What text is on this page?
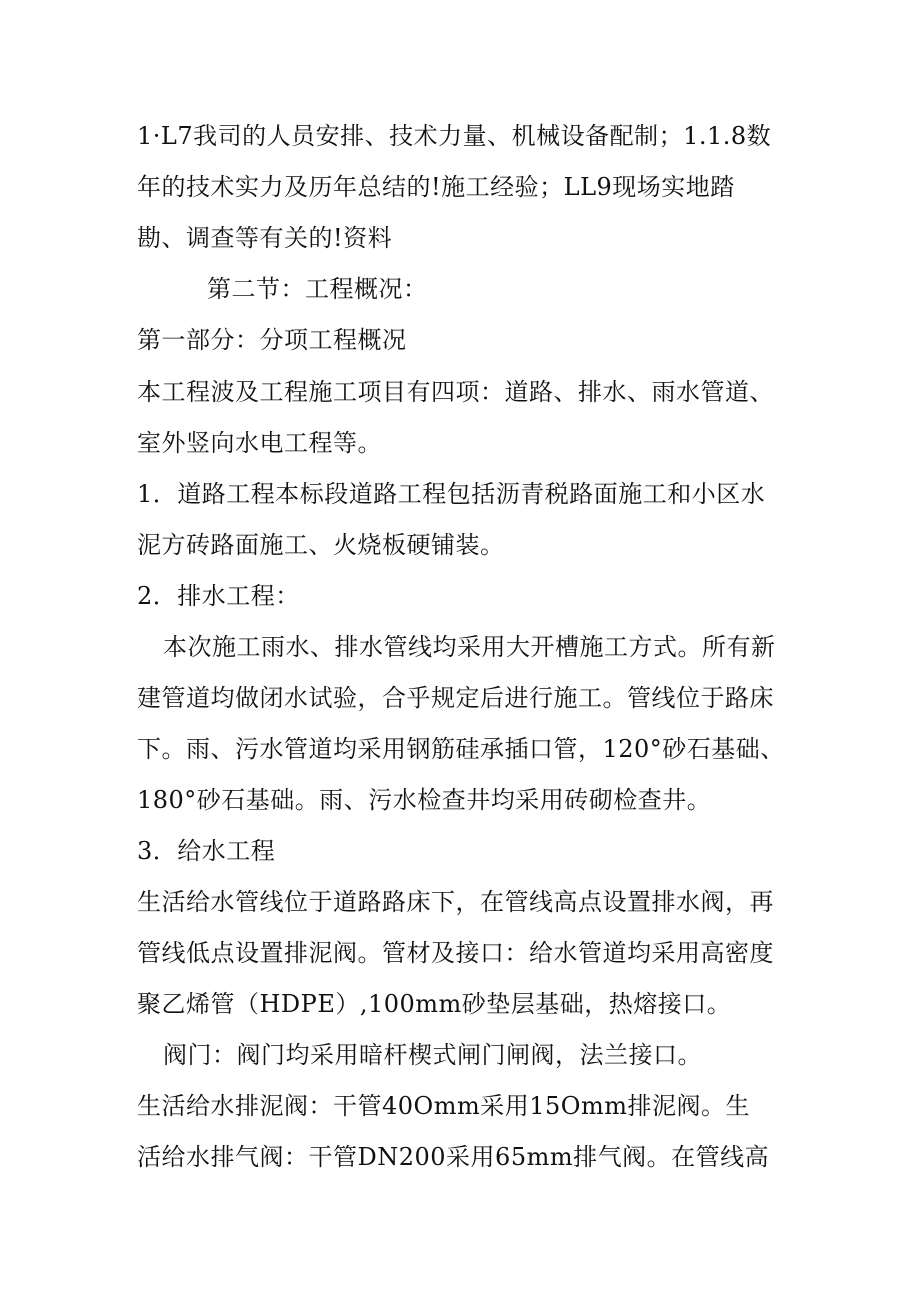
1·L7我司的人员安排、技术力量、机械设备配制；1.1.8数
年的技术实力及历年总结的!施工经验；LL9现场实地踏
勘、调查等有关的!资料
第二节：工程概况：
第一部分：分项工程概况
本工程波及工程施工项目有四项：道路、排水、雨水管道、
室外竖向水电工程等。
1．道路工程本标段道路工程包括沥青税路面施工和小区水
泥方砖路面施工、火烧板硬铺装。
2．排水工程：
本次施工雨水、排水管线均采用大开槽施工方式。所有新
建管道均做闭水试验，合乎规定后进行施工。管线位于路床
下。雨、污水管道均采用钢筋硅承插口管，120°砂石基础、
180°砂石基础。雨、污水检查井均采用砖砌检查井。
3．给水工程
生活给水管线位于道路路床下，在管线高点设置排水阀，再
管线低点设置排泥阀。管材及接口：给水管道均采用高密度
聚乙烯管（HDPE）,100mm砂垫层基础，热熔接口。
阀门：阀门均采用暗杆楔式闸门闸阀，法兰接口。
生活给水排泥阀：干管40Omm采用15Omm排泥阀。生
活给水排气阀：干管DN200采用65mm排气阀。在管线高
